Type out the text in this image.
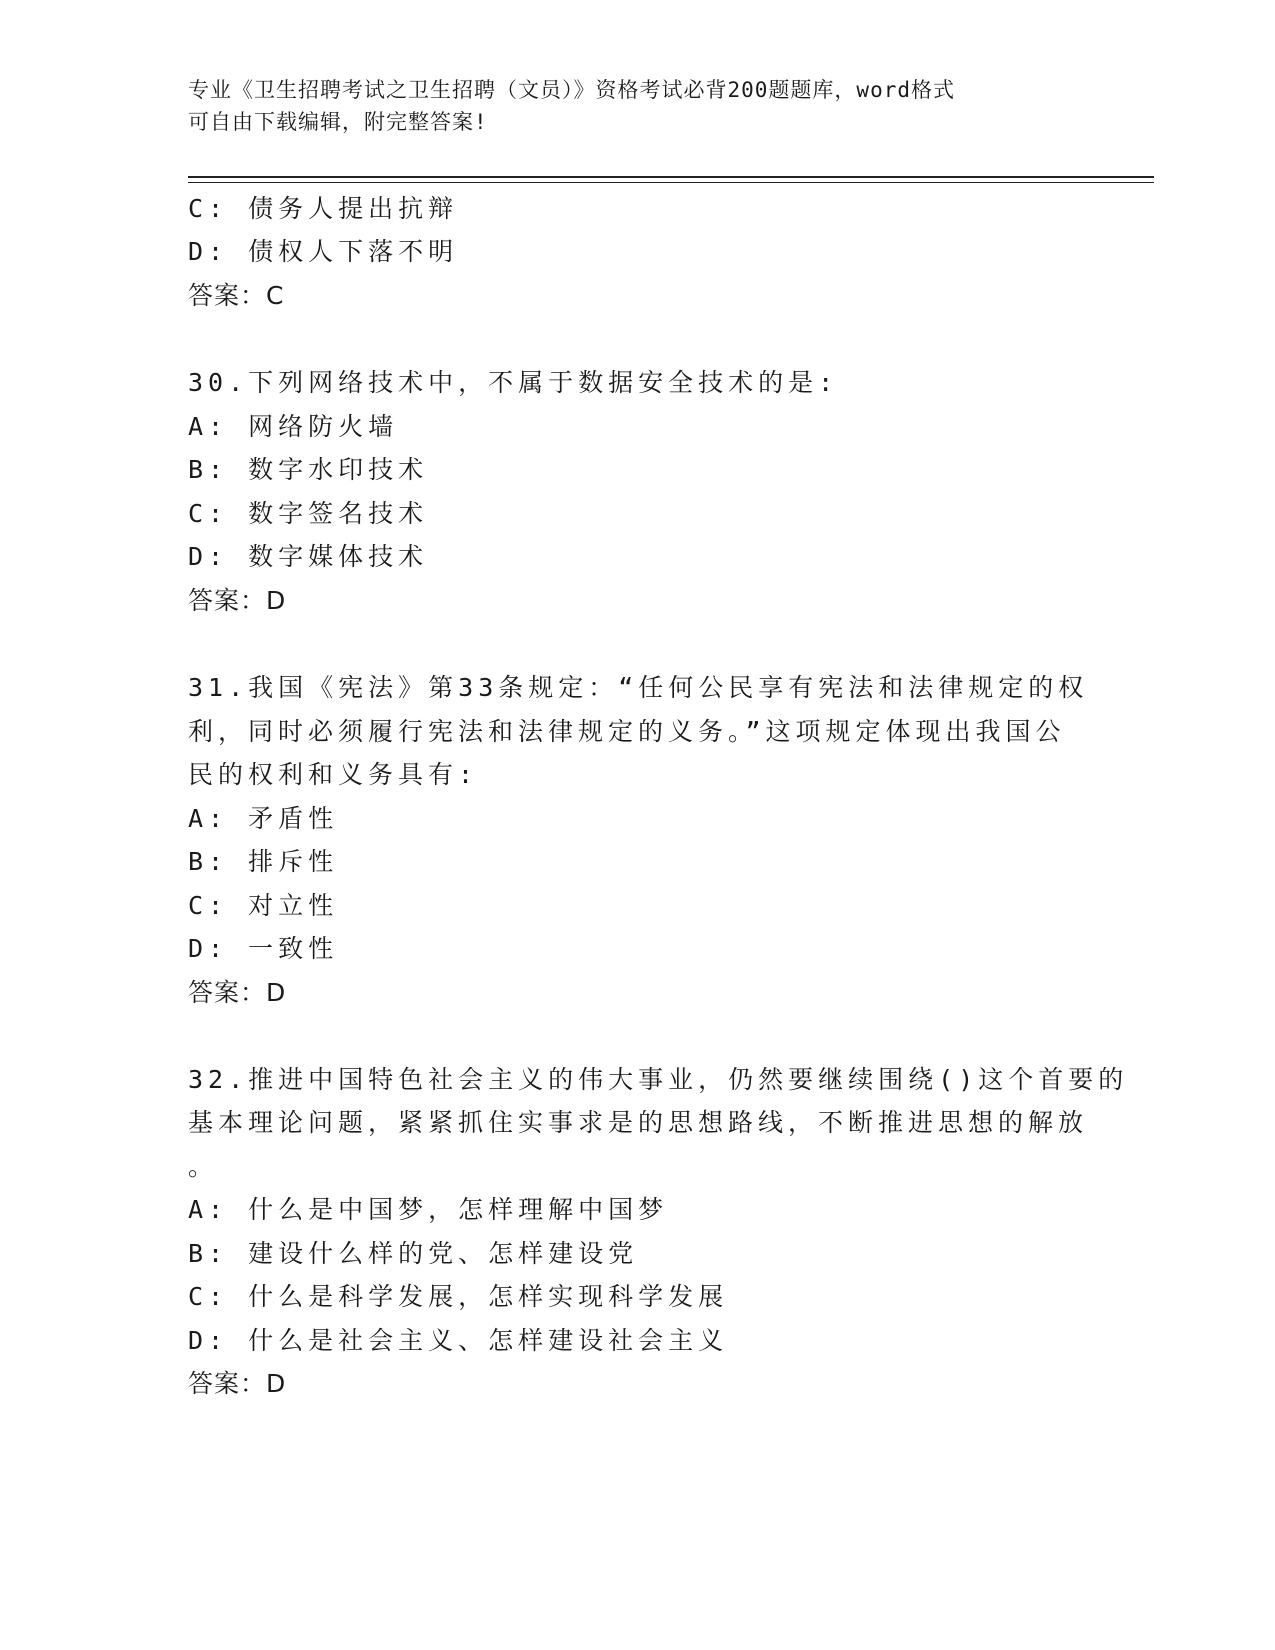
专业《卫生招聘考试之卫生招聘（文员）》资格考试必背200题题库，word格式
可自由下载编辑，附完整答案!
C: 债务人提出抗辩
D: 债权人下落不明
答案：C
30.下列网络技术中，不属于数据安全技术的是:
A: 网络防火墙
B: 数字水印技术
C: 数字签名技术
D: 数字媒体技术
答案：D
31.我国《宪法》第33条规定：“任何公民享有宪法和法律规定的权
利，同时必须履行宪法和法律规定的义务。”这项规定体现出我国公
民的权利和义务具有:
A: 矛盾性
B: 排斥性
C: 对立性
D: 一致性
答案：D
32.推进中国特色社会主义的伟大事业，仍然要继续围绕()这个首要的
基本理论问题，紧紧抓住实事求是的思想路线，不断推进思想的解放
。
A: 什么是中国梦，怎样理解中国梦
B: 建设什么样的党、怎样建设党
C: 什么是科学发展，怎样实现科学发展
D: 什么是社会主义、怎样建设社会主义
答案：D
